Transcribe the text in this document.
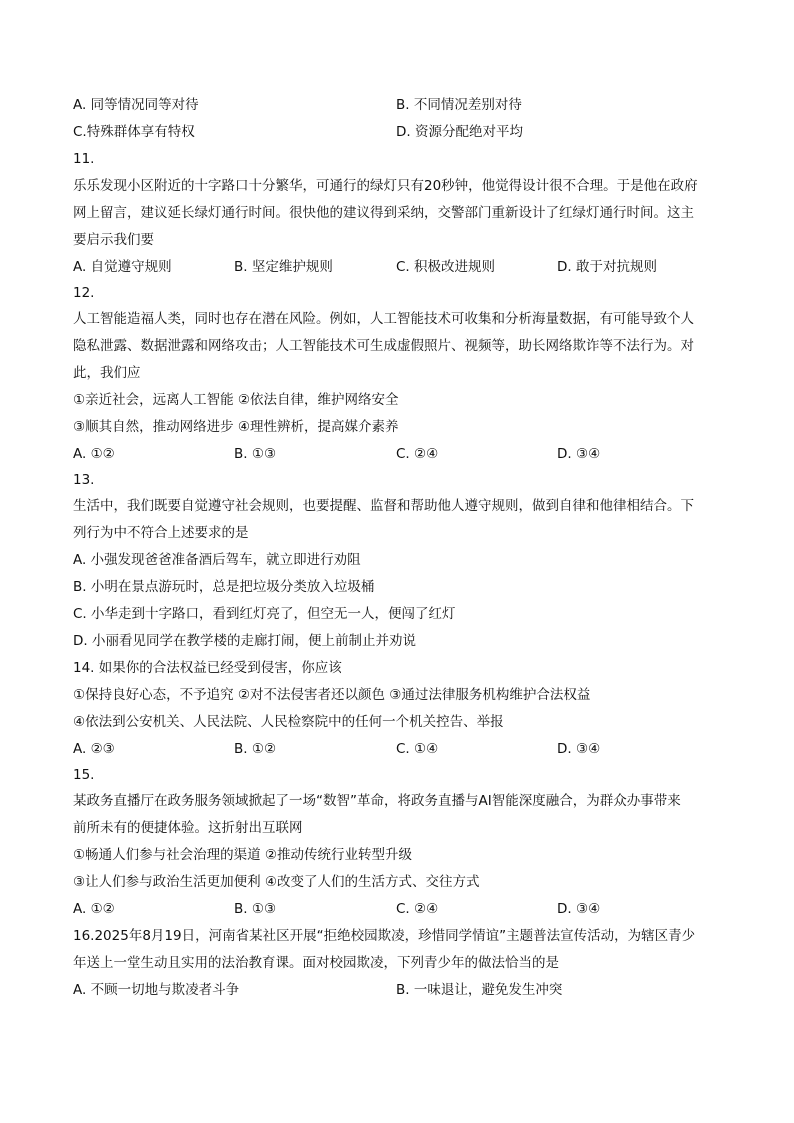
A. 同等情况同等对待	B. 不同情况差别对待
C.特殊群体享有特权	D. 资源分配绝对平均
11.
乐乐发现小区附近的十字路口十分繁华，可通行的绿灯只有20秒钟，他觉得设计很不合理。于是他在政府
网上留言，建议延长绿灯通行时间。很快他的建议得到采纳，交警部门重新设计了红绿灯通行时间。这主
要启示我们要
A. 自觉遵守规则	B. 坚定维护规则	C. 积极改进规则	D. 敢于对抗规则
12.
人工智能造福人类，同时也存在潜在风险。例如，人工智能技术可收集和分析海量数据，有可能导致个人
隐私泄露、数据泄露和网络攻击；人工智能技术可生成虚假照片、视频等，助长网络欺诈等不法行为。对
此，我们应
①亲近社会，远离人工智能 ②依法自律，维护网络安全
③顺其自然，推动网络进步 ④理性辨析，提高媒介素养
A. ①②	B. ①③	C. ②④	D. ③④
13.
生活中，我们既要自觉遵守社会规则，也要提醒、监督和帮助他人遵守规则，做到自律和他律相结合。下
列行为中不符合上述要求的是
A. 小强发现爸爸准备酒后驾车，就立即进行劝阻
B. 小明在景点游玩时，总是把垃圾分类放入垃圾桶
C. 小华走到十字路口，看到红灯亮了，但空无一人，便闯了红灯
D. 小丽看见同学在教学楼的走廊打闹，便上前制止并劝说
14. 如果你的合法权益已经受到侵害，你应该
①保持良好心态，不予追究 ②对不法侵害者还以颜色 ③通过法律服务机构维护合法权益
④依法到公安机关、人民法院、人民检察院中的任何一个机关控告、举报
A. ②③	B. ①②	C. ①④	D. ③④
15.
某政务直播厅在政务服务领域掀起了一场“数智”革命，将政务直播与AI智能深度融合，为群众办事带来
前所未有的便捷体验。这折射出互联网
①畅通人们参与社会治理的渠道 ②推动传统行业转型升级
③让人们参与政治生活更加便利 ④改变了人们的生活方式、交往方式
A. ①②	B. ①③	C. ②④	D. ③④
16.2025年8月19日，河南省某社区开展“拒绝校园欺凌，珍惜同学情谊”主题普法宣传活动，为辖区青少
年送上一堂生动且实用的法治教育课。面对校园欺凌，下列青少年的做法恰当的是
A. 不顾一切地与欺凌者斗争	B. 一味退让，避免发生冲突
